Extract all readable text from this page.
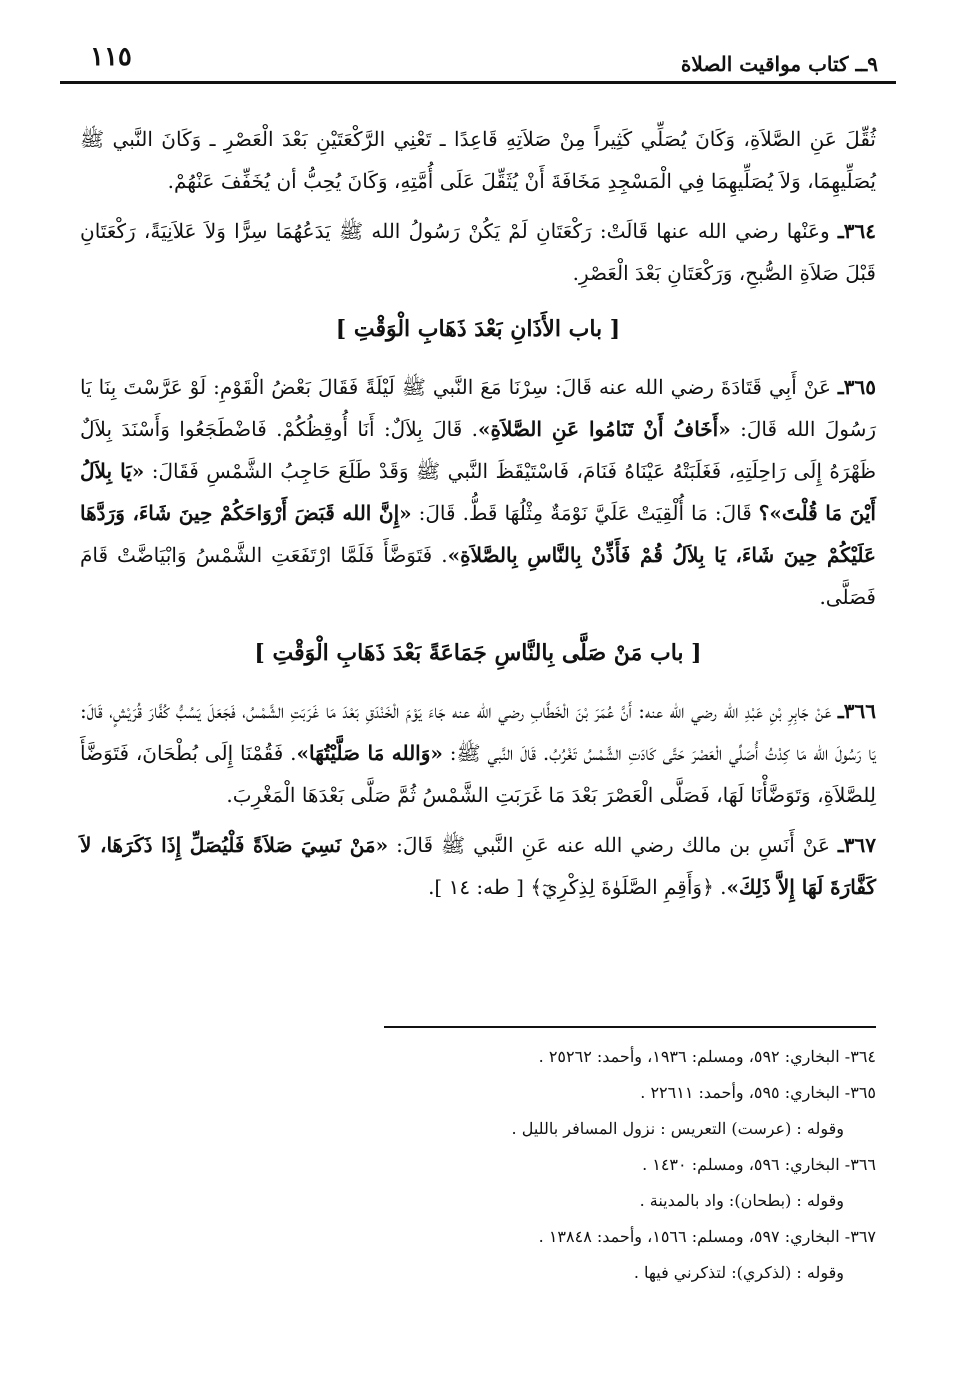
١١٥	٩ــ كتاب مواقيت الصلاة

ثُقِّلَ عَنِ الصَّلاَةِ، وَكَانَ يُصَلِّي كَثِيراً مِنْ صَلاَتِهِ قَاعِدًا ـ تَعْنِي الرَّكْعَتَيْنِ بَعْدَ الْعَصْرِ ـ وَكَانَ النَّبي ﷺ يُصَلِّيهِمَا، وَلاَ يُصَلِّيهِمَا فِي الْمَسْجِدِ مَخَافَةَ أَنْ يُثَقِّلَ عَلَى أُمَّتِهِ، وَكَانَ يُحِبُّ أن يُخَفِّفَ عَنْهُمْ.

٣٦٤ـ وعَنْها رضي الله عنها قَالَتْ: رَكْعَتَانِ لَمْ يَكُنْ رَسُولُ الله ﷺ يَدَعُهُمَا سِرًّا وَلاَ عَلاَنِيَةً، رَكْعَتَانِ قَبْلَ صَلاَةِ الصُّبحِ، وَرَكْعَتَانِ بَعْدَ الْعَصْرِ.

[ باب الأَذَانِ بَعْدَ ذَهَابِ الْوَقْتِ ]

٣٦٥ـ عَنْ أَبِي قَتَادَةَ رضي الله عنه قَالَ: سِرْنَا مَعَ النَّبي ﷺ لَيْلَةً فَقَالَ بَعْضُ الْقَوْمِ: لَوْ عَرَّسْتَ بِنَا يَا رَسُولَ الله قَالَ: «أَخَافُ أَنْ تَنَامُوا عَنِ الصَّلاَةِ». قَالَ بِلاَلٌ: أَنَا أُوقِظُكُمْ. فَاضْطَجَعُوا وَأَسْنَدَ بِلاَلٌ ظَهْرَهُ إِلَى رَاحِلَتِهِ، فَغَلَبَتْهُ عَيْنَاهُ فَنَامَ، فَاسْتَيْقَظَ النَّبي ﷺ وَقَدْ طَلَعَ حَاجِبُ الشَّمْسِ فَقَالَ: «يَا بِلاَلُ أَيْنَ مَا قُلْتَ»؟ قَالَ: مَا أُلْقِيَتْ عَلَيَّ نَوْمَةٌ مِثْلُهَا قَطُّ. قَالَ: «إِنَّ الله قَبَضَ أَرْوَاحَكُمْ حِينَ شَاءَ، وَرَدَّهَا عَلَيْكُمْ حِينَ شَاءَ، يَا بِلاَلُ قُمْ فَأَذِّنْ بِالنَّاسِ بِالصَّلاَةِ». فَتَوَضَّأَ فَلَمَّا ارْتَفَعَتِ الشَّمْسُ وَابْيَاضَّتْ قَامَ فَصَلَّى.

[ باب مَنْ صَلَّى بِالنَّاسِ جَمَاعَةً بَعْدَ ذَهَابِ الْوَقْتِ ]

٣٦٦ـ عَنْ جَابِرِ بْنِ عَبْدِ الله رضي الله عنه: أَنَّ عُمَرَ بْنَ الْخَطَّابِ رضي الله عنه جَاءَ يَوْمَ الْخَنْدَقِ بَعْدَ مَا غَرَبَتِ الشَّمْسُ، فَجَعَلَ يَسُبُّ كُفَّارَ قُرَيْشٍ، قَالَ: يَا رَسُولَ الله مَا كِدْتُ أُصَلِّي الْعَصْرَ حَتَّى كَادَتِ الشَّمْسُ تَغْرُبُ. قَالَ النَّبي ﷺ: «وَالله مَا صَلَّيْتُهَا». فَقُمْنَا إِلَى بُطْحَانَ، فَتَوَضَّأَ لِلصَّلاَةِ، وَتَوَضَّأْنَا لَهَا، فَصَلَّى الْعَصْرَ بَعْدَ مَا غَرَبَتِ الشَّمْسُ ثُمَّ صَلَّى بَعْدَهَا الْمَغْرِبَ.

٣٦٧ـ عَنْ أَنَسِ بن مالك رضي الله عنه عَنِ النَّبي ﷺ قَالَ: «مَنْ نَسِيَ صَلاَةً فَلْيُصَلِّ إِذَا ذَكَرَهَا، لاَ كَفَّارَةَ لَهَا إِلاَّ ذَلِكَ». ﴿وَأَقِمِ الصَّلَوٰةَ لِذِكْرِيٓ﴾ [ طه: ١٤ ].

٣٦٤- البخاري: ٥٩٢، ومسلم: ١٩٣٦، وأحمد: ٢٥٢٦٢ .
٣٦٥- البخاري: ٥٩٥، وأحمد: ٢٢٦١١ .
وقوله : (عرست) التعريس : نزول المسافر بالليل .
٣٦٦- البخاري: ٥٩٦، ومسلم: ١٤٣٠ .
وقوله : (بطحان): واد بالمدينة .
٣٦٧- البخاري: ٥٩٧، ومسلم: ١٥٦٦، وأحمد: ١٣٨٤٨ .
وقوله : (لذكري): لتذكرني فيها .
